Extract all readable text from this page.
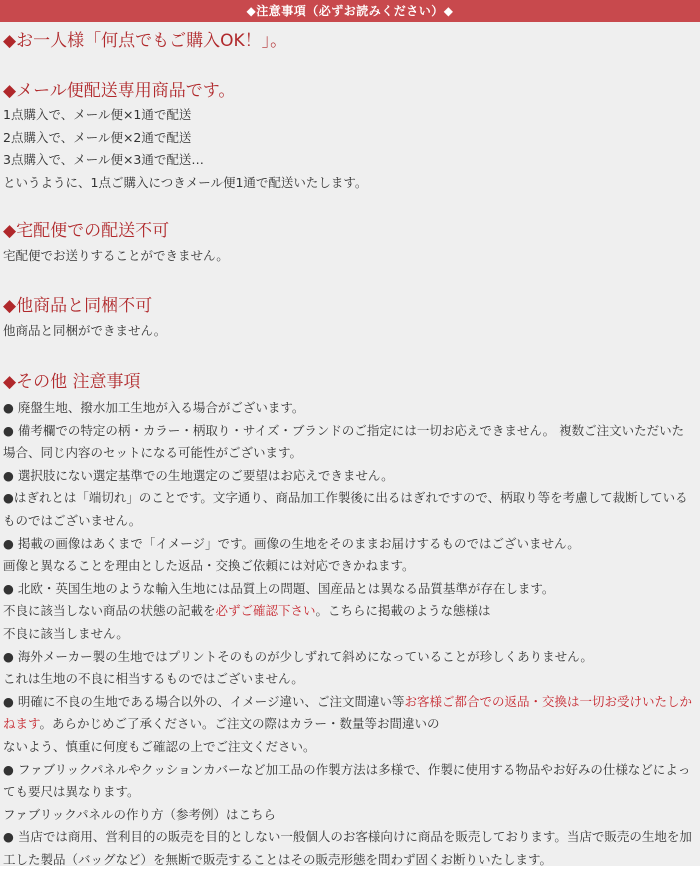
◆注意事項（必ずお読みください）◆

◆お一人様「何点でもご購入OK！」。

◆メール便配送専用商品です。

1点購入で、メール便×1通で配送

2点購入で、メール便×2通で配送

3点購入で、メール便×3通で配送…

というように、1点ご購入につきメール便1通で配送いたします。

◆宅配便での配送不可

宅配便でお送りすることができません。

◆他商品と同梱不可

他商品と同梱ができません。

◆その他 注意事項

● 廃盤生地、撥水加工生地が入る場合がございます。

● 備考欄での特定の柄・カラー・柄取り・サイズ・ブランドのご指定には一切お応えできません。 複数ご注文いただいた場合、同じ内容のセットになる可能性がございます。

● 選択肢にない選定基準での生地選定のご要望はお応えできません。

●はぎれとは「端切れ」のことです。文字通り、商品加工作製後に出るはぎれですので、柄取り等を考慮して裁断しているものではございません。

● 掲載の画像はあくまで「イメージ」です。画像の生地をそのままお届けするものではございません。

画像と異なることを理由とした返品・交換ご依頼には対応できかねます。

● 北欧・英国生地のような輸入生地には品質上の問題、国産品とは異なる品質基準が存在します。

不良に該当しない商品の状態の記載を必ずご確認下さい。こちらに掲載のような態様は

不良に該当しません。

● 海外メーカー製の生地ではプリントそのものが少しずれて斜めになっていることが珍しくありません。

これは生地の不良に相当するものではございません。

● 明確に不良の生地である場合以外の、イメージ違い、ご注文間違い等お客様ご都合での返品・交換は一切お受けいたしかねます。あらかじめご了承ください。ご注文の際はカラー・数量等お間違いの

ないよう、慎重に何度もご確認の上でご注文ください。

● ファブリックパネルやクッションカバーなど加工品の作製方法は多様で、作製に使用する物品やお好みの仕様などによっても要尺は異なります。

ファブリックパネルの作り方（参考例）はこちら

● 当店では商用、営利目的の販売を目的としない一般個人のお客様向けに商品を販売しております。当店で販売の生地を加工した製品（バッグなど）を無断で販売することはその販売形態を問わず固くお断りいたします。
